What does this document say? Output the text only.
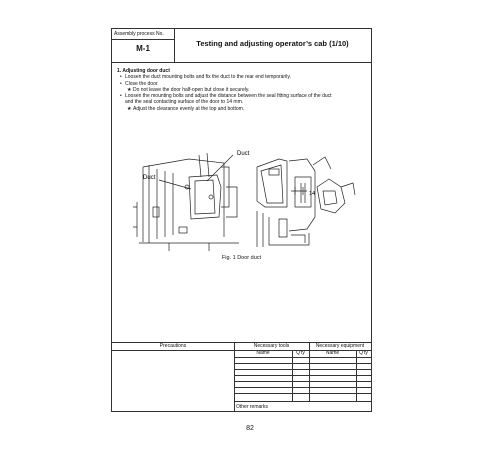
Assembly process No.
M-1
Testing and adjusting operator’s cab (1/10)
1. Adjusting door duct
• Loosen the duct mounting bolts and fix the duct to the rear end temporarily.
• Close the door.
★ Do not leave the door half-open but close it securely.
• Loosen the mounting bolts and adjust the distance between the seal fitting surface of the duct
and the seal contacting surface of the door to 14 mm.
★ Adjust the clearance evenly at the top and bottom.
Duct
Duct
14
Fig. 1 Door duct
Precautions	Necessary tools	Necessary equipment
Name	Q'ty	Name	Q'ty
Other remarks
82
